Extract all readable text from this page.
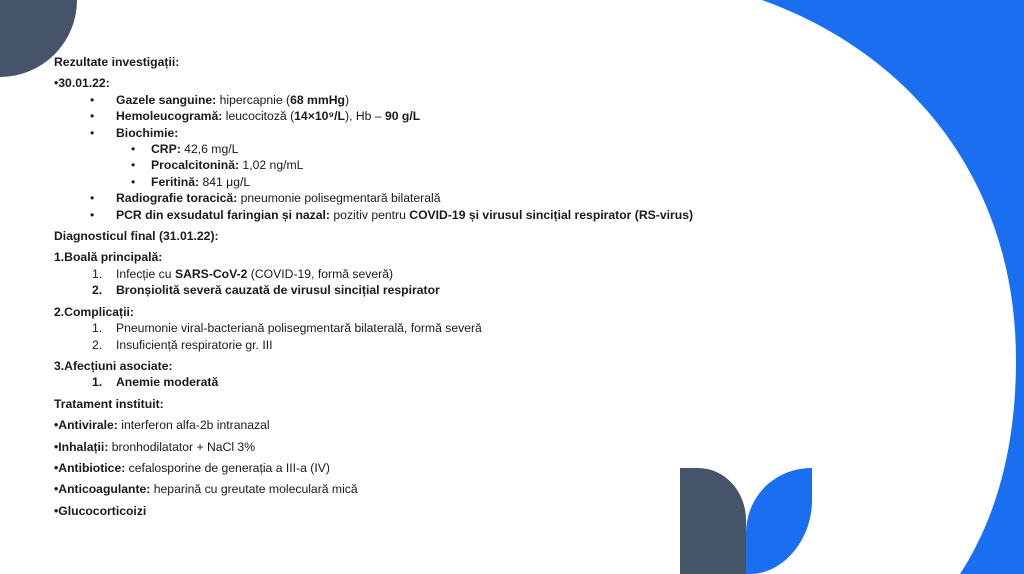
Rezultate investigații:

•30.01.22:

• Gazele sanguine: hipercapnie (68 mmHg)

• Hemoleucogramă: leucocitoză (14×10⁹/L), Hb – 90 g/L

• Biochimie:

• CRP: 42,6 mg/L

• Procalcitonină: 1,02 ng/mL

• Feritină: 841 μg/L

• Radiografie toracică: pneumonie polisegmentară bilaterală

• PCR din exsudatul faringian și nazal: pozitiv pentru COVID-19 și virusul sincițial respirator (RS-virus)

Diagnosticul final (31.01.22):

1.Boală principală:

1. Infecție cu SARS-CoV-2 (COVID-19, formă severă)

2. Bronșiolită severă cauzată de virusul sincițial respirator

2.Complicații:

1. Pneumonie viral-bacteriană polisegmentară bilaterală, formă severă

2. Insuficiență respiratorie gr. III

3.Afecțiuni asociate:

1. Anemie moderată

Tratament instituit:

•Antivirale: interferon alfa-2b intranazal

•Inhalații: bronhodilatator + NaCl 3%

•Antibiotice: cefalosporine de generația a III-a (IV)

•Anticoagulante: heparină cu greutate moleculară mică

•Glucocorticoizi
